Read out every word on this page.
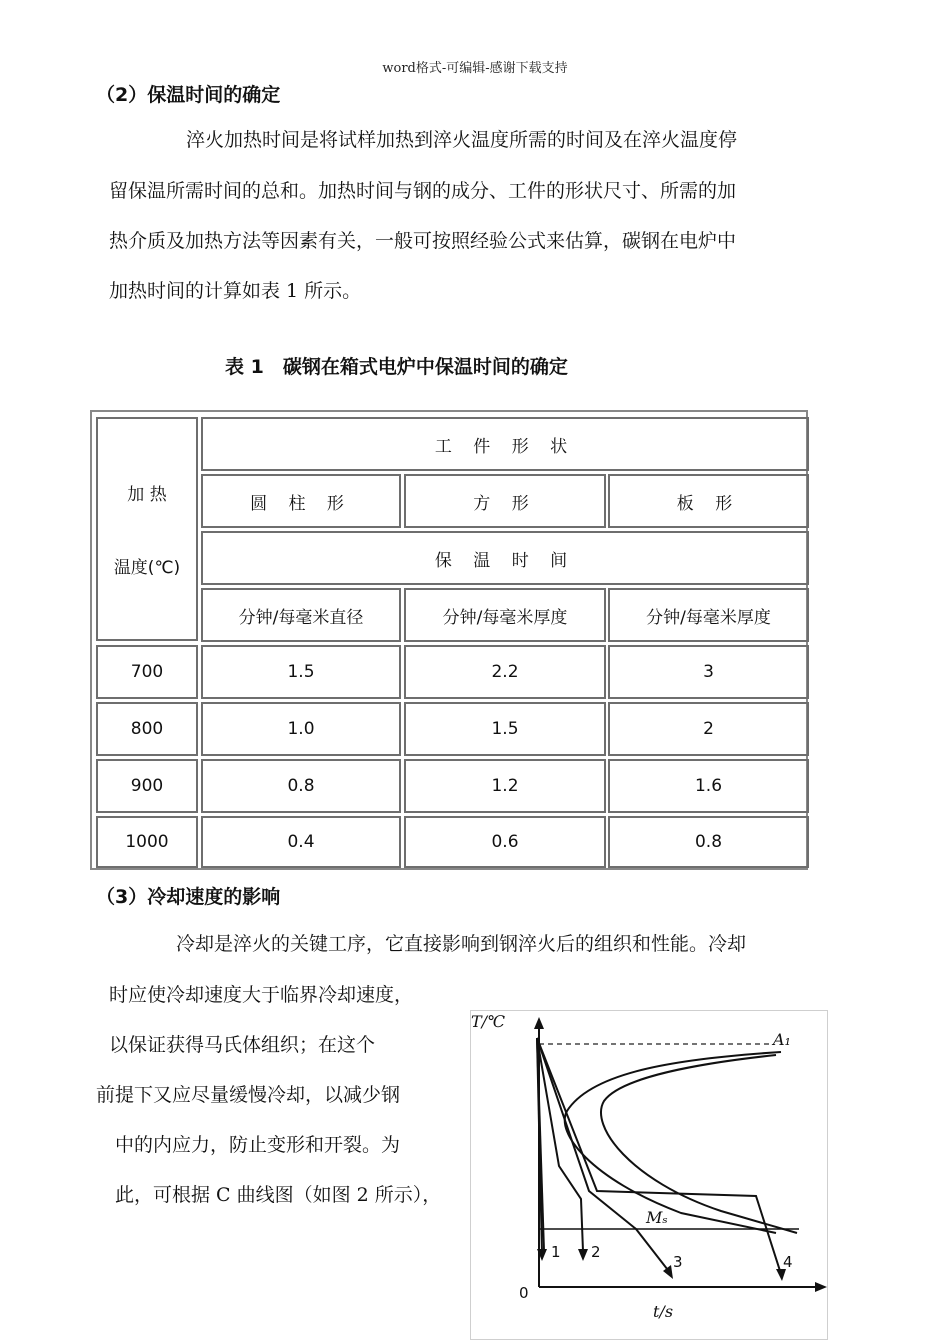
word格式-可编辑-感谢下载支持
（2）保温时间的确定
淬火加热时间是将试样加热到淬火温度所需的时间及在淬火温度停
留保温所需时间的总和。加热时间与钢的成分、工件的形状尺寸、所需的加
热介质及加热方法等因素有关，一般可按照经验公式来估算，碳钢在电炉中
加热时间的计算如表 1 所示。
表 1　碳钢在箱式电炉中保温时间的确定
加 热
温度(℃)
工 件 形 状
圆 柱 形	方 形	板 形
保 温 时 间
分钟/每毫米直径	分钟/每毫米厚度	分钟/每毫米厚度
700	1.5	2.2	3
800	1.0	1.5	2
900	0.8	1.2	1.6
1000	0.4	0.6	0.8
（3）冷却速度的影响
冷却是淬火的关键工序，它直接影响到钢淬火后的组织和性能。冷却
时应使冷却速度大于临界冷却速度，
以保证获得马氏体组织；在这个
前提下又应尽量缓慢冷却，以减少钢
中的内应力，防止变形和开裂。为
此，可根据 C 曲线图（如图 2 所示），
T/℃
t/s
0
A₁
Mₛ
1 2
3	4
